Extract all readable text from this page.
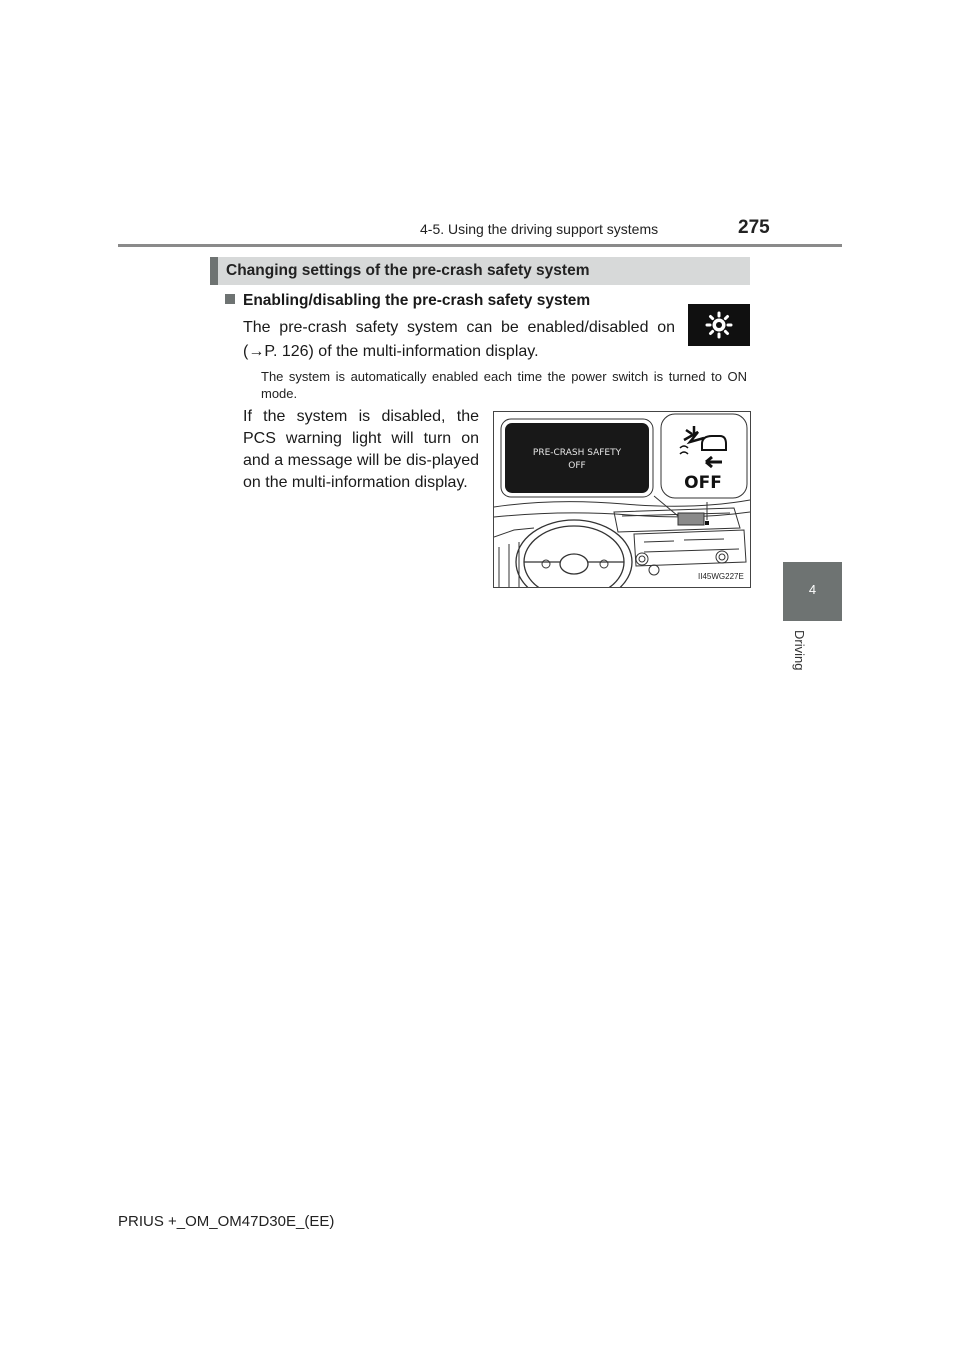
4-5. Using the driving support systems	275
4
Driving
Changing settings of the pre-crash safety system
Enabling/disabling the pre-crash safety system
The pre-crash safety system can be enabled/disabled on (→P. 126) of the multi-information display.
The system is automatically enabled each time the power switch is turned to ON mode.
If the system is disabled, the PCS warning light will turn on and a message will be dis-played on the multi-information display.
PRE-CRASH SAFETY
OFF
OFF
II45WG227E
PRIUS +_OM_OM47D30E_(EE)
